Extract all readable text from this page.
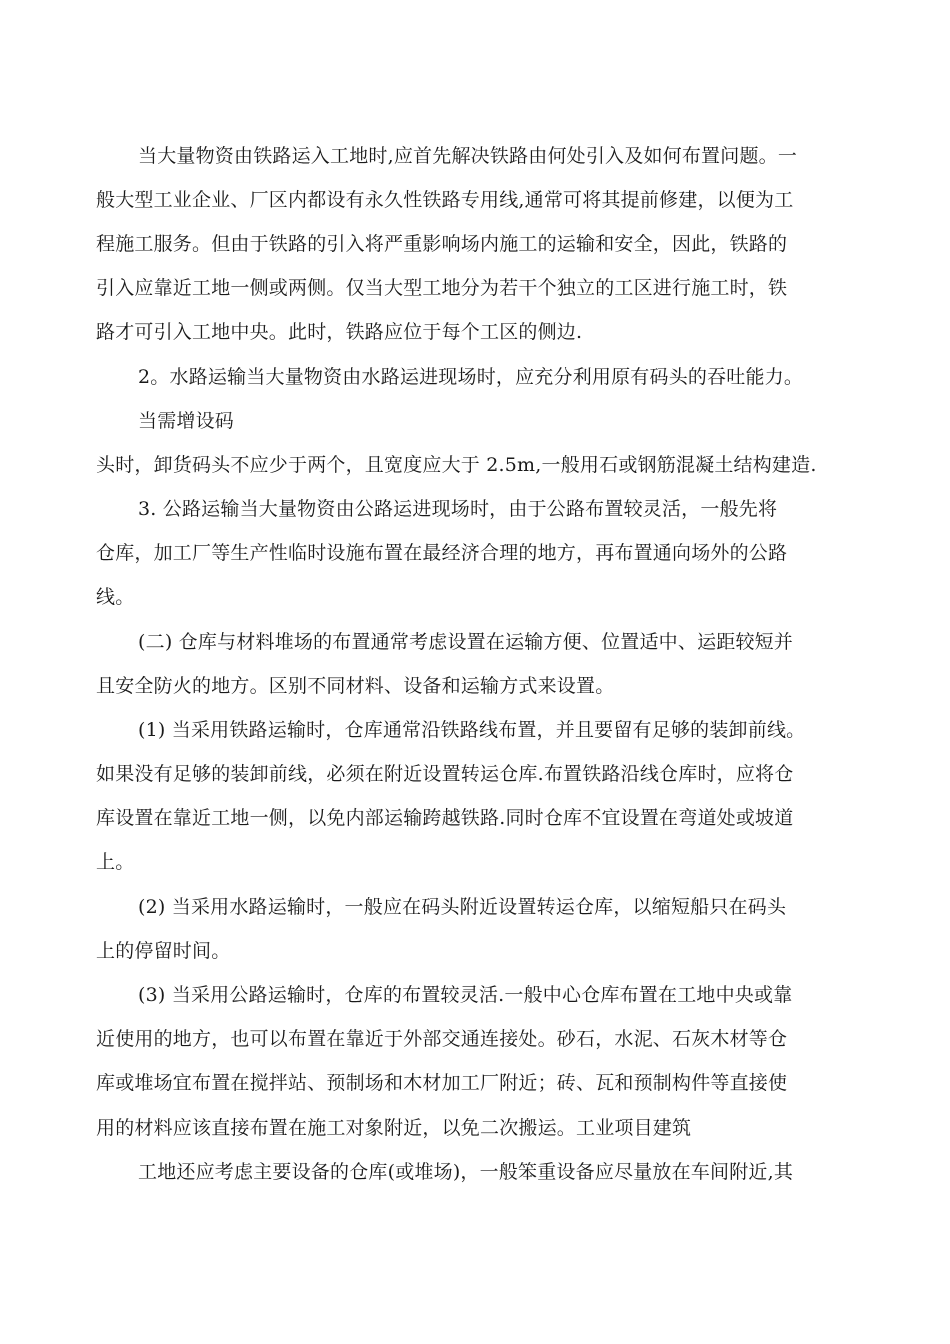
当大量物资由铁路运入工地时,应首先解决铁路由何处引入及如何布置问题。一
般大型工业企业、厂区内都设有永久性铁路专用线,通常可将其提前修建，以便为工
程施工服务。但由于铁路的引入将严重影响场内施工的运输和安全，因此，铁路的
引入应靠近工地一侧或两侧。仅当大型工地分为若干个独立的工区进行施工时，铁
路才可引入工地中央。此时，铁路应位于每个工区的侧边.
2。水路运输当大量物资由水路运进现场时，应充分利用原有码头的吞吐能力。
当需增设码
头时，卸货码头不应少于两个，且宽度应大于 2.5m,一般用石或钢筋混凝土结构建造.
3. 公路运输当大量物资由公路运进现场时，由于公路布置较灵活，一般先将
仓库，加工厂等生产性临时设施布置在最经济合理的地方，再布置通向场外的公路
线。
(二) 仓库与材料堆场的布置通常考虑设置在运输方便、位置适中、运距较短并
且安全防火的地方。区别不同材料、设备和运输方式来设置。
(1) 当采用铁路运输时，仓库通常沿铁路线布置，并且要留有足够的装卸前线。
如果没有足够的装卸前线，必须在附近设置转运仓库.布置铁路沿线仓库时，应将仓
库设置在靠近工地一侧，以免内部运输跨越铁路.同时仓库不宜设置在弯道处或坡道
上。
(2) 当采用水路运输时，一般应在码头附近设置转运仓库，以缩短船只在码头
上的停留时间。
(3) 当采用公路运输时，仓库的布置较灵活.一般中心仓库布置在工地中央或靠
近使用的地方，也可以布置在靠近于外部交通连接处。砂石，水泥、石灰木材等仓
库或堆场宜布置在搅拌站、预制场和木材加工厂附近；砖、瓦和预制构件等直接使
用的材料应该直接布置在施工对象附近，以免二次搬运。工业项目建筑
工地还应考虑主要设备的仓库(或堆场)，一般笨重设备应尽量放在车间附近,其
